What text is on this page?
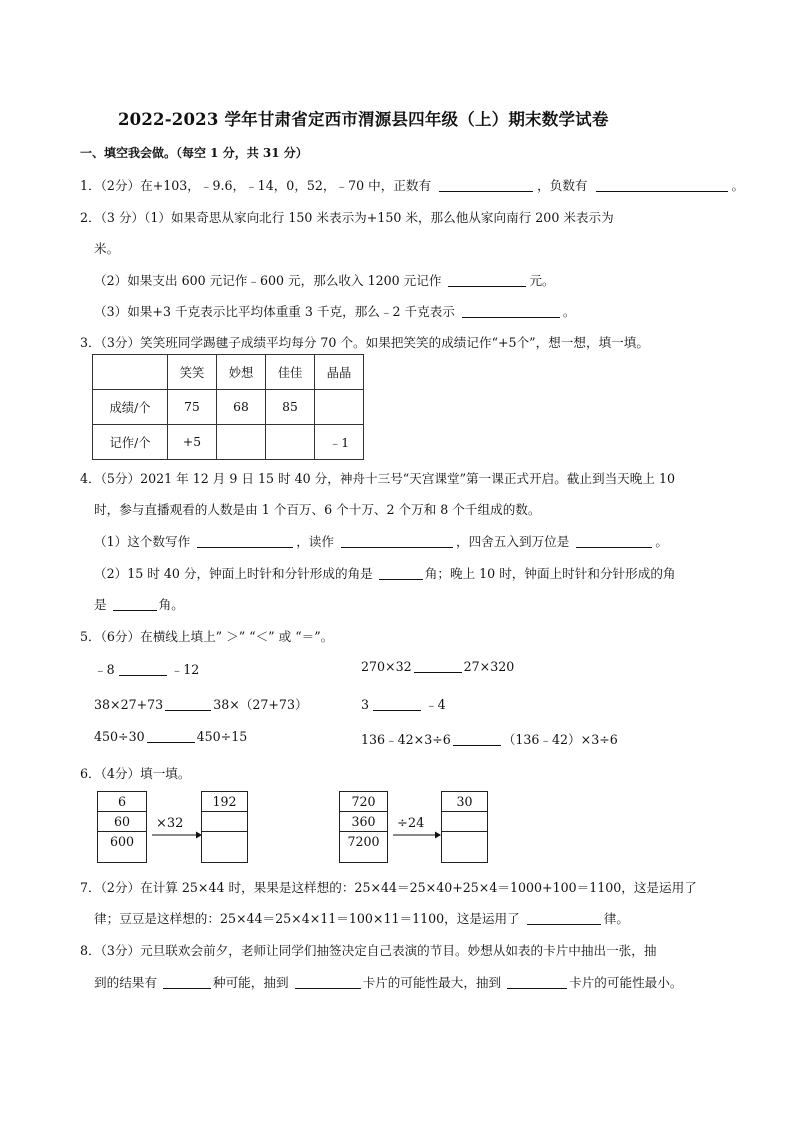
2022-2023 学年甘肃省定西市渭源县四年级（上）期末数学试卷
一、填空我会做。（每空 1 分，共 31 分）
1．（2分）在+103，﹣9.6，﹣14，0，52，﹣70 中，正数有	，负数有	。
2．（3 分）（1）如果奇思从家向北行 150 米表示为+150 米，那么他从家向南行 200 米表示为
米。
（2）如果支出 600 元记作﹣600 元，那么收入 1200 元记作	元。
（3）如果+3 千克表示比平均体重重 3 千克，那么﹣2 千克表示	。
3．（3分）笑笑班同学踢毽子成绩平均每分 70 个。如果把笑笑的成绩记作“+5个”，想一想，填一填。
	笑笑	妙想	佳佳	晶晶
成绩/个	75	68	85	
记作/个	+5			﹣1
4．（5分）2021 年 12 月 9 日 15 时 40 分，神舟十三号“天宫课堂”第一课正式开启。截止到当天晚上 10
时，参与直播观看的人数是由 1 个百万、6 个十万、2 个万和 8 个千组成的数。
（1）这个数写作	，读作	，四舍五入到万位是	。
（2）15 时 40 分，钟面上时针和分针形成的角是	角；晚上 10 时，钟面上时针和分针形成的角
是	角。
5．（6分）在横线上填上” ＞” “＜” 或 “＝”。
﹣8	﹣12	270×32	27×320
38×27+73	38×（27+73）	3	﹣4
450÷30	450÷15	136﹣42×3÷6	（136﹣42）×3÷6
6．（4分）填一填。
6
60
600
×32
192	720
360
7200
÷24
30
7．（2分）在计算 25×44 时，果果是这样想的：25×44＝25×40+25×4＝1000+100＝1100，这是运用了
律；豆豆是这样想的：25×44＝25×4×11＝100×11＝1100，这是运用了	律。
8．（3分）元旦联欢会前夕，老师让同学们抽签决定自己表演的节目。妙想从如表的卡片中抽出一张，抽
到的结果有	种可能，抽到	卡片的可能性最大，抽到	卡片的可能性最小。
